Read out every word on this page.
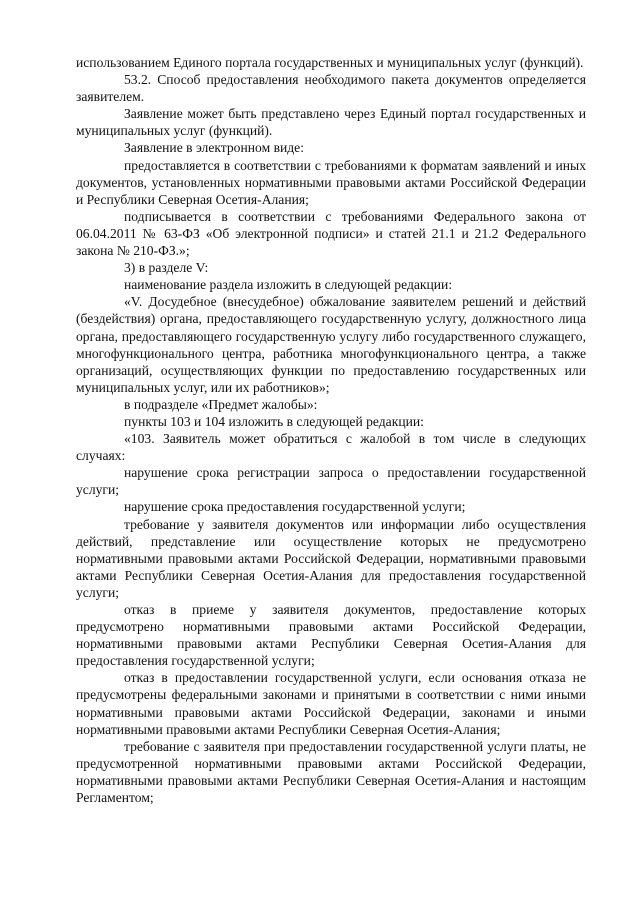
использованием Единого портала государственных и муниципальных услуг (функций).

53.2. Способ предоставления необходимого пакета документов определяется заявителем.

Заявление может быть представлено через Единый портал государственных и муниципальных услуг (функций).

Заявление в электронном виде:

предоставляется в соответствии с требованиями к форматам заявлений и иных документов, установленных нормативными правовыми актами Российской Федерации и Республики Северная Осетия-Алания;

подписывается в соответствии с требованиями Федерального закона от 06.04.2011 № 63-ФЗ «Об электронной подписи» и статей 21.1 и 21.2 Федерального закона № 210-ФЗ.»;

3) в разделе V:

наименование раздела изложить в следующей редакции:

«V. Досудебное (внесудебное) обжалование заявителем решений и действий (бездействия) органа, предоставляющего государственную услугу, должностного лица органа, предоставляющего государственную услугу либо государственного служащего, многофункционального центра, работника многофункционального центра, а также организаций, осуществляющих функции по предоставлению государственных или муниципальных услуг, или их работников»;

в подразделе «Предмет жалобы»:

пункты 103 и 104 изложить в следующей редакции:

«103. Заявитель может обратиться с жалобой в том числе в следующих случаях:

нарушение срока регистрации запроса о предоставлении государственной услуги;

нарушение срока предоставления государственной услуги;

требование у заявителя документов или информации либо осуществления действий, представление или осуществление которых не предусмотрено нормативными правовыми актами Российской Федерации, нормативными правовыми актами Республики Северная Осетия-Алания для предоставления государственной услуги;

отказ в приеме у заявителя документов, предоставление которых предусмотрено нормативными правовыми актами Российской Федерации, нормативными правовыми актами Республики Северная Осетия-Алания для предоставления государственной услуги;

отказ в предоставлении государственной услуги, если основания отказа не предусмотрены федеральными законами и принятыми в соответствии с ними иными нормативными правовыми актами Российской Федерации, законами и иными нормативными правовыми актами Республики Северная Осетия-Алания;

требование с заявителя при предоставлении государственной услуги платы, не предусмотренной нормативными правовыми актами Российской Федерации, нормативными правовыми актами Республики Северная Осетия-Алания и настоящим Регламентом;
